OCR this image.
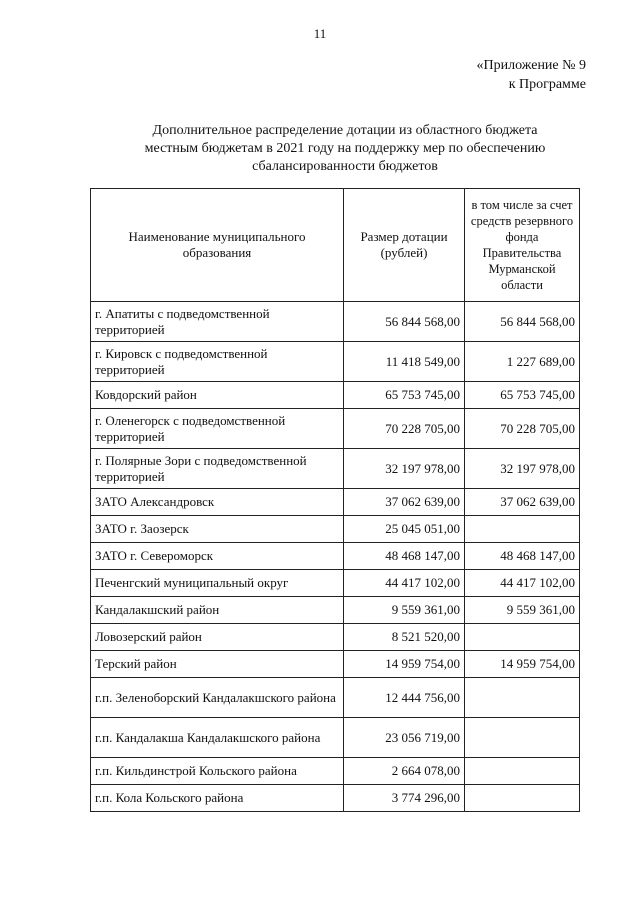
11
«Приложение № 9
к Программе
Дополнительное распределение дотации из областного бюджета
местным бюджетам в 2021 году на поддержку мер по обеспечению
сбалансированности бюджетов
Наименование муниципального образования	Размер дотации (рублей)	в том числе за счет средств резервного фонда Правительства Мурманской области
г. Апатиты с подведомственной территорией	56 844 568,00	56 844 568,00
г. Кировск с подведомственной территорией	11 418 549,00	1 227 689,00
Ковдорский район	65 753 745,00	65 753 745,00
г. Оленегорск с подведомственной территорией	70 228 705,00	70 228 705,00
г. Полярные Зори с подведомственной территорией	32 197 978,00	32 197 978,00
ЗАТО Александровск	37 062 639,00	37 062 639,00
ЗАТО г. Заозерск	25 045 051,00	
ЗАТО г. Североморск	48 468 147,00	48 468 147,00
Печенгский муниципальный округ	44 417 102,00	44 417 102,00
Кандалакшский район	9 559 361,00	9 559 361,00
Ловозерский район	8 521 520,00	
Терский район	14 959 754,00	14 959 754,00
г.п. Зеленоборский Кандалакшского района	12 444 756,00	
г.п. Кандалакша Кандалакшского района	23 056 719,00	
г.п. Кильдинстрой Кольского района	2 664 078,00	
г.п. Кола Кольского района	3 774 296,00	
